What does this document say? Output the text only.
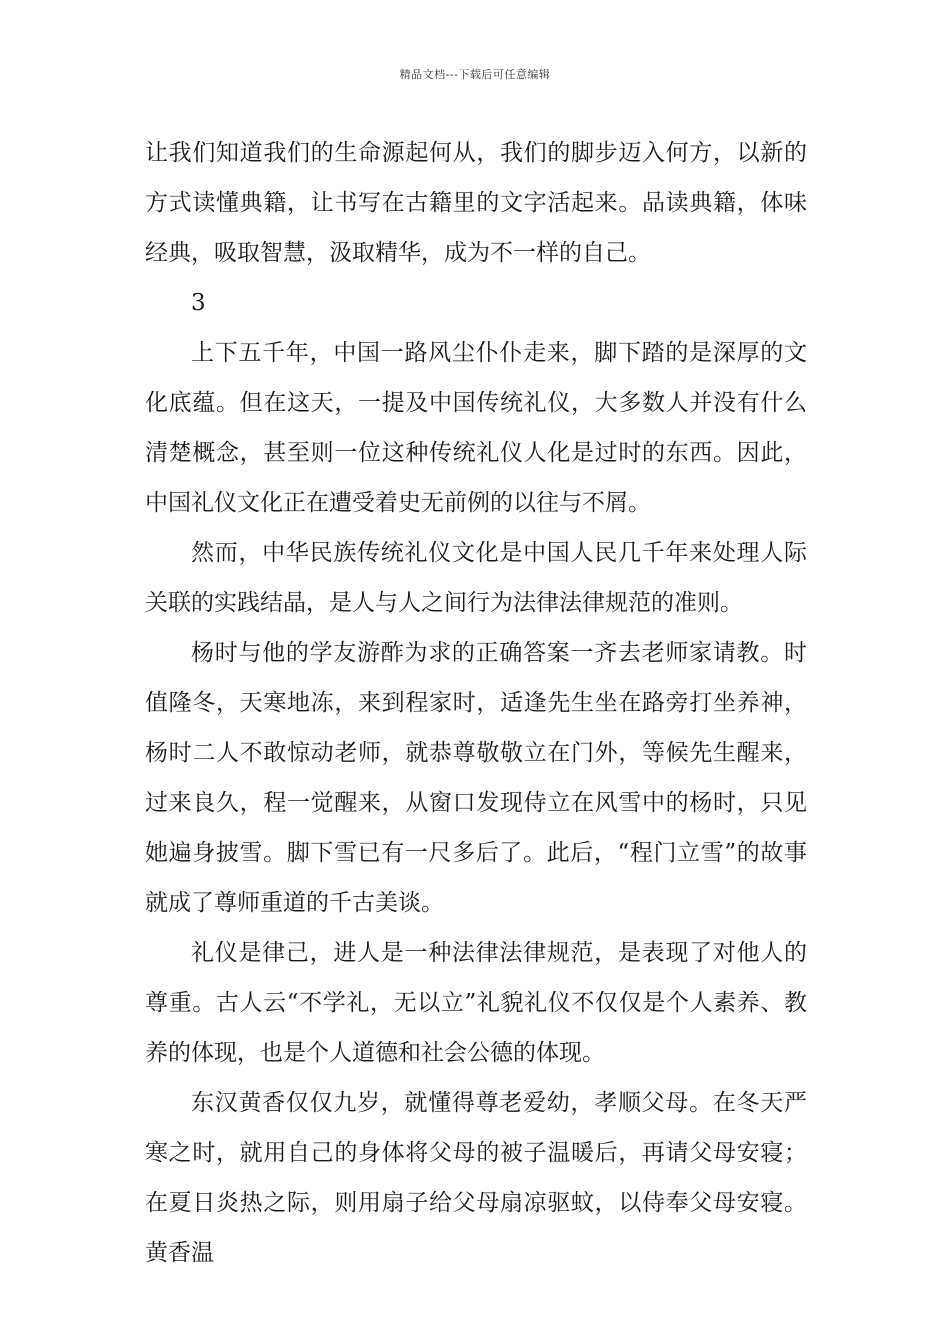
精品文档---下载后可任意编辑

让我们知道我们的生命源起何从，我们的脚步迈入何方，以新的方式读懂典籍，让书写在古籍里的文字活起来。品读典籍，体味经典，吸取智慧，汲取精华，成为不一样的自己。

3

上下五千年，中国一路风尘仆仆走来，脚下踏的是深厚的文化底蕴。但在这天，一提及中国传统礼仪，大多数人并没有什么清楚概念，甚至则一位这种传统礼仪人化是过时的东西。因此，中国礼仪文化正在遭受着史无前例的以往与不屑。

然而，中华民族传统礼仪文化是中国人民几千年来处理人际关联的实践结晶，是人与人之间行为法律法律规范的准则。

杨时与他的学友游酢为求的正确答案一齐去老师家请教。时值隆冬，天寒地冻，来到程家时，适逢先生坐在路旁打坐养神，杨时二人不敢惊动老师，就恭尊敬敬立在门外，等候先生醒来，过来良久，程一觉醒来，从窗口发现侍立在风雪中的杨时，只见她遍身披雪。脚下雪已有一尺多后了。此后，“程门立雪”的故事就成了尊师重道的千古美谈。

礼仪是律己，进人是一种法律法律规范，是表现了对他人的尊重。古人云“不学礼，无以立”礼貌礼仪不仅仅是个人素养、教养的体现，也是个人道德和社会公德的体现。

东汉黄香仅仅九岁，就懂得尊老爱幼，孝顺父母。在冬天严寒之时，就用自己的身体将父母的被子温暖后，再请父母安寝；在夏日炎热之际，则用扇子给父母扇凉驱蚊，以侍奉父母安寝。黄香温
